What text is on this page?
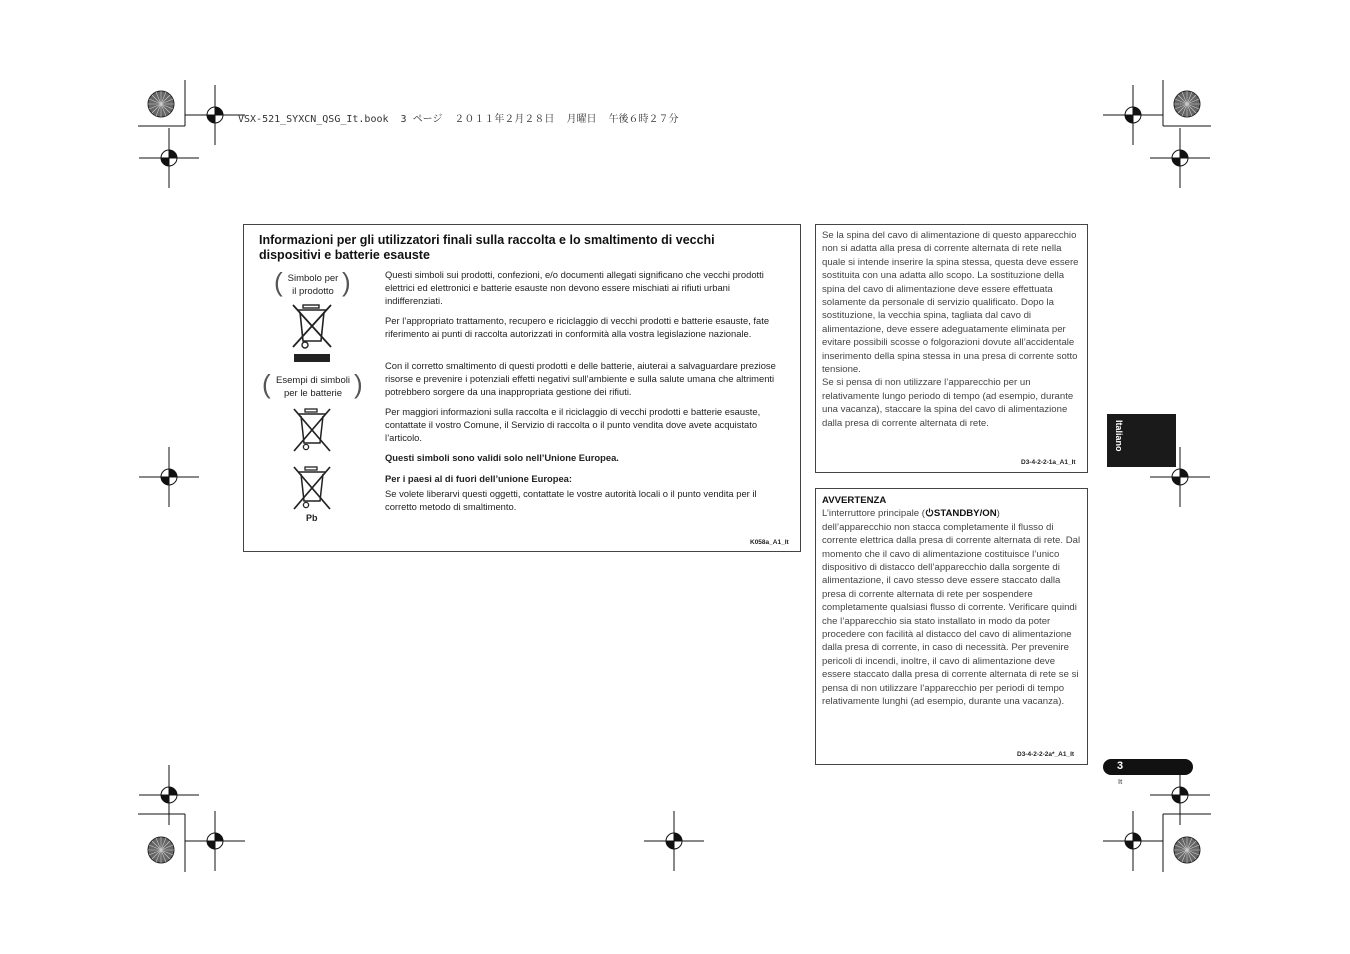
VSX-521_SYXCN_QSG_It.book  3 ページ  ２０１１年２月２８日  月曜日  午後６時２７分
Informazioni per gli utilizzatori finali sulla raccolta e lo smaltimento di vecchi dispositivi e batterie esauste
( Simbolo per
il prodotto )
( Esempi di simboli
per le batterie )
Pb
Questi simboli sui prodotti, confezioni, e/o documenti allegati significano che vecchi prodotti elettrici ed elettronici e batterie esauste non devono essere mischiati ai rifiuti urbani indifferenziati.
Per l’appropriato trattamento, recupero e riciclaggio di vecchi prodotti e batterie esauste, fate riferimento ai punti di raccolta autorizzati in conformità alla vostra legislazione nazionale.
Con il corretto smaltimento di questi prodotti e delle batterie, aiuterai a salvaguardare preziose risorse e prevenire i potenziali effetti negativi sull’ambiente e sulla salute umana che altrimenti potrebbero sorgere da una inappropriata gestione dei rifiuti.
Per maggiori informazioni sulla raccolta e il riciclaggio di vecchi prodotti e batterie esauste, contattate il vostro Comune, il Servizio di raccolta o il punto vendita dove avete acquistato l’articolo.
Questi simboli sono validi solo nell’Unione Europea.
Per i paesi al di fuori dell’unione Europea:
Se volete liberarvi questi oggetti, contattate le vostre autorità locali o il punto vendita per il corretto metodo di smaltimento.
K058a_A1_It
Se la spina del cavo di alimentazione di questo apparecchio non si adatta alla presa di corrente alternata di rete nella quale si intende inserire la spina stessa, questa deve essere sostituita con una adatta allo scopo. La sostituzione della spina del cavo di alimentazione deve essere effettuata solamente da personale di servizio qualificato. Dopo la sostituzione, la vecchia spina, tagliata dal cavo di alimentazione, deve essere adeguatamente eliminata per evitare possibili scosse o folgorazioni dovute all’accidentale inserimento della spina stessa in una presa di corrente sotto tensione.
Se si pensa di non utilizzare l’apparecchio per un relativamente lungo periodo di tempo (ad esempio, durante una vacanza), staccare la spina del cavo di alimentazione dalla presa di corrente alternata di rete.
D3-4-2-2-1a_A1_It
AVVERTENZA
L’interruttore principale ( STANDBY/ON)
dell’apparecchio non stacca completamente il flusso di corrente elettrica dalla presa di corrente alternata di rete. Dal momento che il cavo di alimentazione costituisce l’unico dispositivo di distacco dell’apparecchio dalla sorgente di alimentazione, il cavo stesso deve essere staccato dalla presa di corrente alternata di rete per sospendere completamente qualsiasi flusso di corrente. Verificare quindi che l’apparecchio sia stato installato in modo da poter procedere con facilità al distacco del cavo di alimentazione dalla presa di corrente, in caso di necessità. Per prevenire pericoli di incendi, inoltre, il cavo di alimentazione deve essere staccato dalla presa di corrente alternata di rete se si pensa di non utilizzare l’apparecchio per periodi di tempo relativamente lunghi (ad esempio, durante una vacanza).
D3-4-2-2-2a*_A1_It
Italiano
3
It
